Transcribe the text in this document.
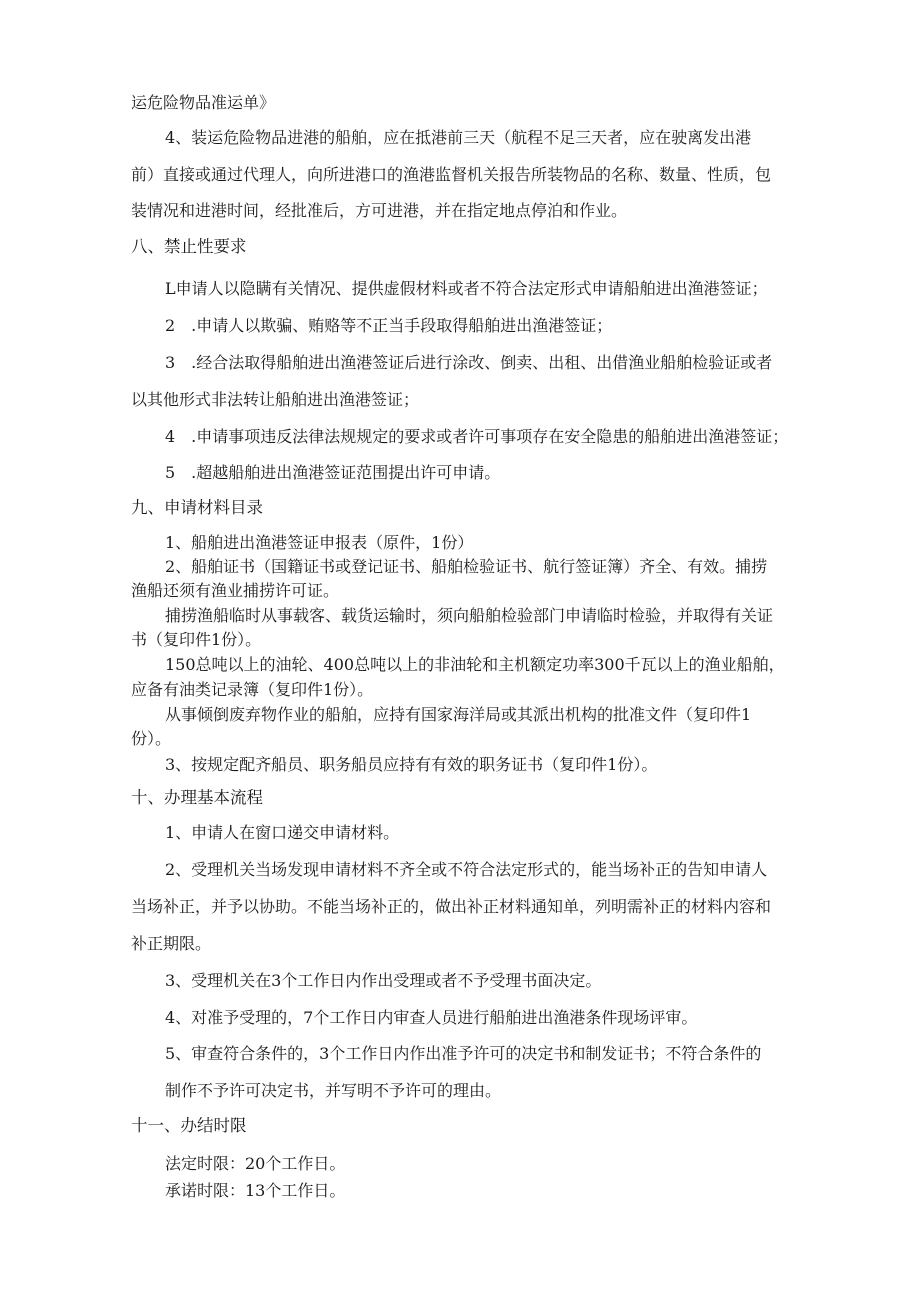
运危险物品准运单》
4、装运危险物品进港的船舶，应在抵港前三天（航程不足三天者，应在驶离发出港
前）直接或通过代理人，向所进港口的渔港监督机关报告所装物品的名称、数量、性质，包
装情况和进港时间，经批准后，方可进港，并在指定地点停泊和作业。
八、禁止性要求
L申请人以隐瞒有关情况、提供虚假材料或者不符合法定形式申请船舶进出渔港签证；
2　.申请人以欺骗、贿赂等不正当手段取得船舶进出渔港签证；
3　.经合法取得船舶进出渔港签证后进行涂改、倒卖、出租、出借渔业船舶检验证或者
以其他形式非法转让船舶进出渔港签证；
4　.申请事项违反法律法规规定的要求或者许可事项存在安全隐患的船舶进出渔港签证；
5　.超越船舶进出渔港签证范围提出许可申请。
九、申请材料目录
1、船舶进出渔港签证申报表（原件，1份）
2、船舶证书（国籍证书或登记证书、船舶检验证书、航行签证簿）齐全、有效。捕捞
渔船还须有渔业捕捞许可证。
捕捞渔船临时从事载客、载货运输时，须向船舶检验部门申请临时检验，并取得有关证
书（复印件1份）。
150总吨以上的油轮、400总吨以上的非油轮和主机额定功率300千瓦以上的渔业船舶，
应备有油类记录簿（复印件1份）。
从事倾倒废弃物作业的船舶，应持有国家海洋局或其派出机构的批准文件（复印件1
份）。
3、按规定配齐船员、职务船员应持有有效的职务证书（复印件1份）。
十、办理基本流程
1、申请人在窗口递交申请材料。
2、受理机关当场发现申请材料不齐全或不符合法定形式的，能当场补正的告知申请人
当场补正，并予以协助。不能当场补正的，做出补正材料通知单，列明需补正的材料内容和
补正期限。
3、受理机关在3个工作日内作出受理或者不予受理书面决定。
4、对准予受理的，7个工作日内审查人员进行船舶进出渔港条件现场评审。
5、审查符合条件的，3个工作日内作出准予许可的决定书和制发证书；不符合条件的
制作不予许可决定书，并写明不予许可的理由。
十一、办结时限
法定时限：20个工作日。
承诺时限：13个工作日。
